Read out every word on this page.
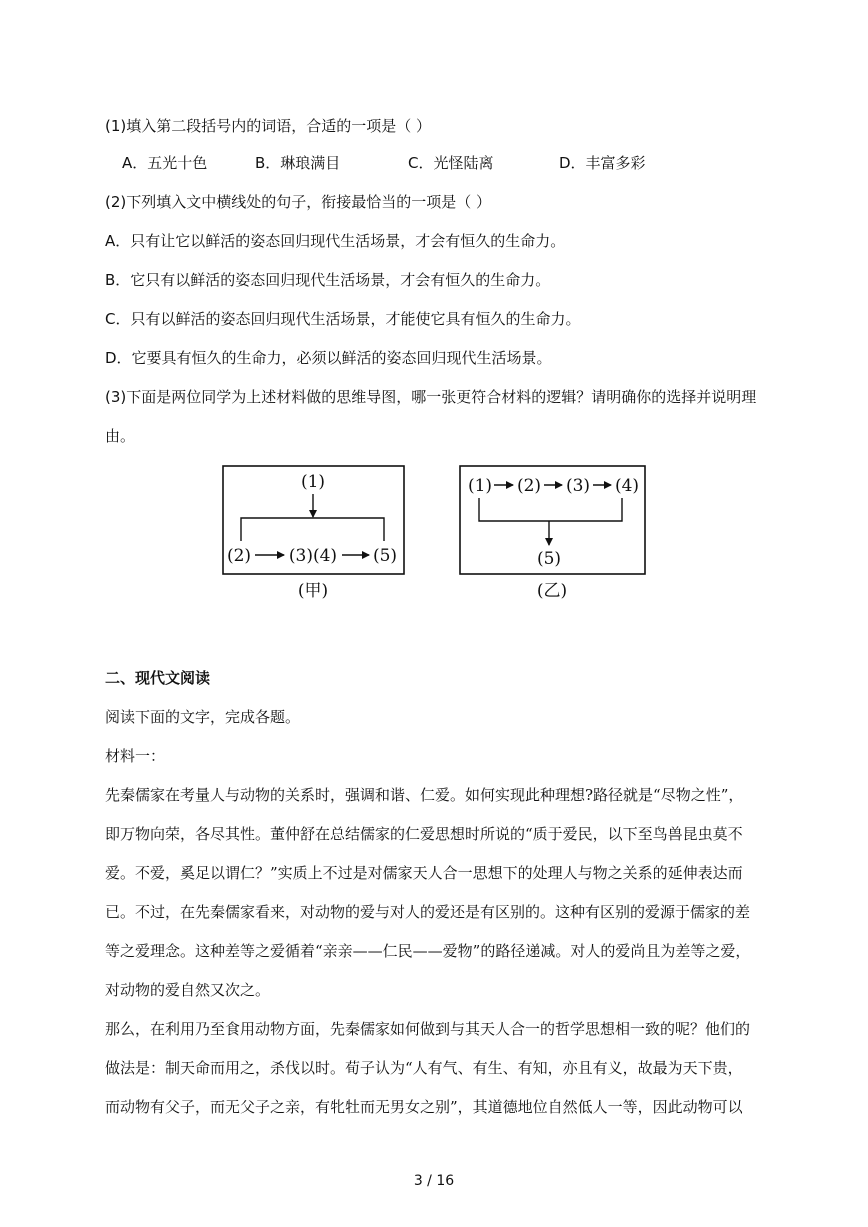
(1)填入第二段括号内的词语，合适的一项是（ ）
A．五光十色	B．琳琅满目	C．光怪陆离	D．丰富多彩
(2)下列填入文中横线处的句子，衔接最恰当的一项是（ ）
A．只有让它以鲜活的姿态回归现代生活场景，才会有恒久的生命力。
B．它只有以鲜活的姿态回归现代生活场景，才会有恒久的生命力。
C．只有以鲜活的姿态回归现代生活场景，才能使它具有恒久的生命力。
D．它要具有恒久的生命力，必须以鲜活的姿态回归现代生活场景。
(3)下面是两位同学为上述材料做的思维导图，哪一张更符合材料的逻辑？请明确你的选择并说明理
由。
(1)
(2) (3)(4) (5)
(甲)
(1) (2) (3) (4)
(5)
(乙)
二、现代文阅读
阅读下面的文字，完成各题。
材料一：
先秦儒家在考量人与动物的关系时，强调和谐、仁爱。如何实现此种理想?路径就是“尽物之性”，
即万物向荣，各尽其性。董仲舒在总结儒家的仁爱思想时所说的“质于爱民，以下至鸟兽昆虫莫不
爱。不爱，奚足以谓仁？”实质上不过是对儒家天人合一思想下的处理人与物之关系的延伸表达而
已。不过，在先秦儒家看来，对动物的爱与对人的爱还是有区别的。这种有区别的爱源于儒家的差
等之爱理念。这种差等之爱循着“亲亲——仁民——爱物”的路径递减。对人的爱尚且为差等之爱，
对动物的爱自然又次之。
那么，在利用乃至食用动物方面，先秦儒家如何做到与其天人合一的哲学思想相一致的呢？他们的
做法是：制天命而用之，杀伐以时。荀子认为“人有气、有生、有知，亦且有义，故最为天下贵，
而动物有父子，而无父子之亲，有牝牡而无男女之别”，其道德地位自然低人一等，因此动物可以
3 / 16
